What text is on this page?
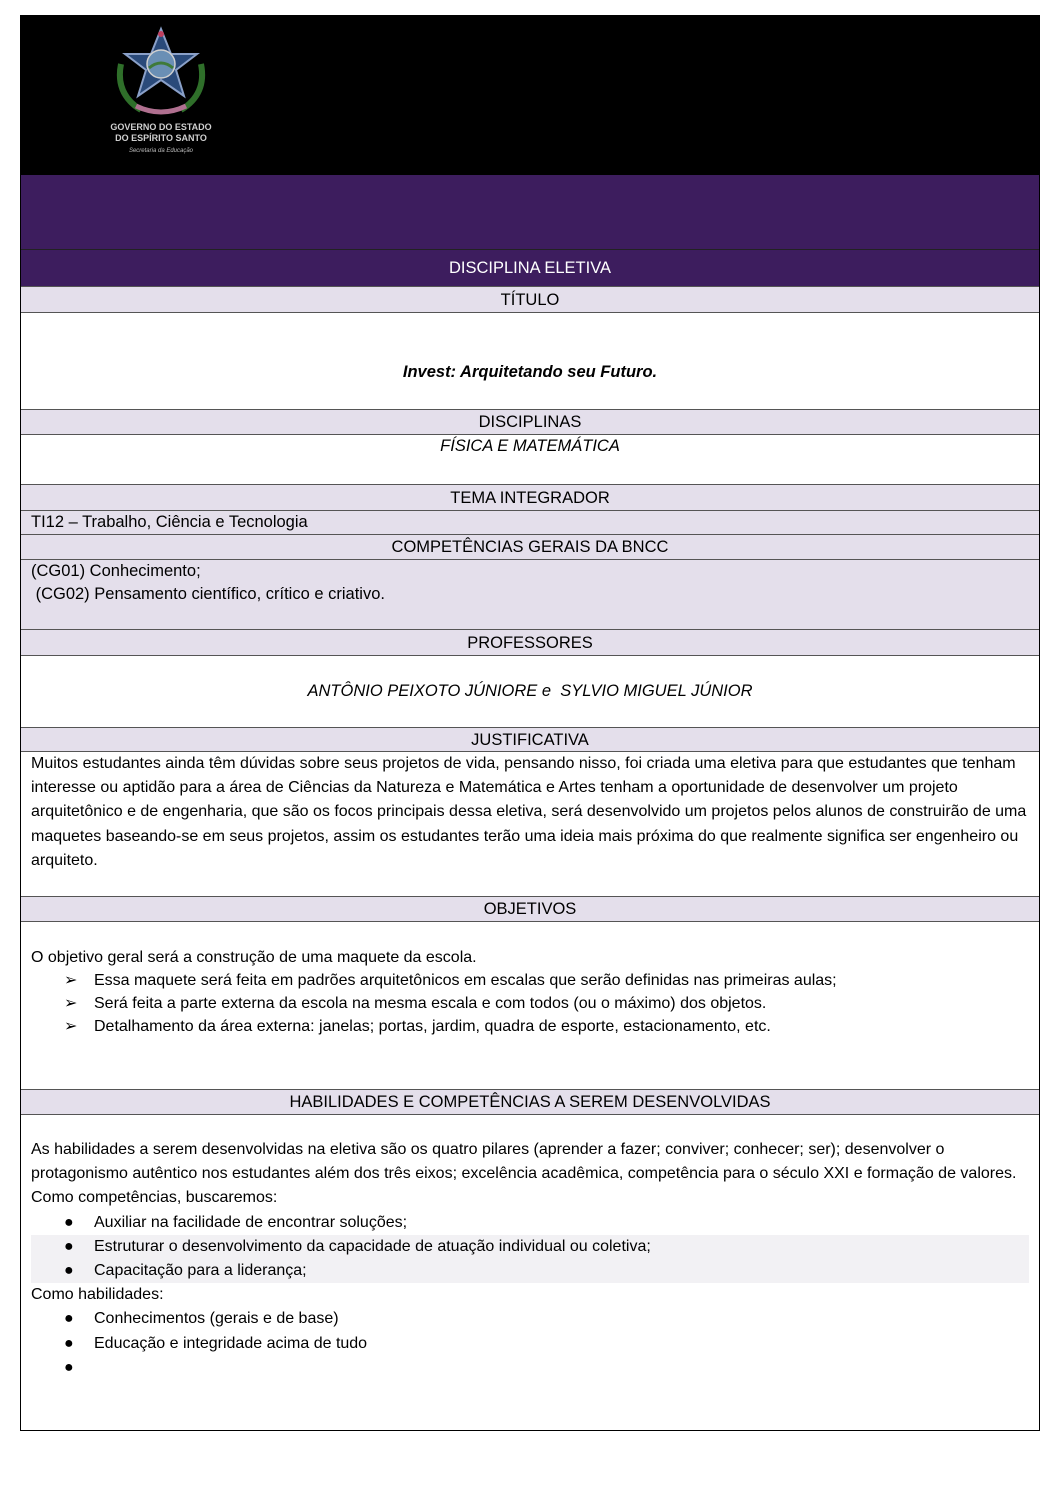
GOVERNO DO ESTADO
DO ESPÍRITO SANTO
Secretaria da Educação
DISCIPLINA ELETIVA
TÍTULO
Invest: Arquitetando seu Futuro.
DISCIPLINAS
FÍSICA E MATEMÁTICA
TEMA INTEGRADOR
TI12 – Trabalho, Ciência e Tecnologia
COMPETÊNCIAS GERAIS DA BNCC
(CG01) Conhecimento;
(CG02) Pensamento científico, crítico e criativo.
PROFESSORES
ANTÔNIO PEIXOTO JÚNIORE e  SYLVIO MIGUEL JÚNIOR
JUSTIFICATIVA
Muitos estudantes ainda têm dúvidas sobre seus projetos de vida, pensando nisso, foi criada uma eletiva para que estudantes que tenham interesse ou aptidão para a área de Ciências da Natureza e Matemática e Artes tenham a oportunidade de desenvolver um projeto arquitetônico e de engenharia, que são os focos principais dessa eletiva, será desenvolvido um projetos pelos alunos de construirão de uma maquetes baseando-se em seus projetos, assim os estudantes terão uma ideia mais próxima do que realmente significa ser engenheiro ou arquiteto.
OBJETIVOS
O objetivo geral será a construção de uma maquete da escola.
➢ Essa maquete será feita em padrões arquitetônicos em escalas que serão definidas nas primeiras aulas;
➢ Será feita a parte externa da escola na mesma escala e com todos (ou o máximo) dos objetos.
➢ Detalhamento da área externa: janelas; portas, jardim, quadra de esporte, estacionamento, etc.
HABILIDADES E COMPETÊNCIAS A SEREM DESENVOLVIDAS
As habilidades a serem desenvolvidas na eletiva são os quatro pilares (aprender a fazer; conviver; conhecer; ser); desenvolver o protagonismo autêntico nos estudantes além dos três eixos; excelência acadêmica, competência para o século XXI e formação de valores.
Como competências, buscaremos:
● Auxiliar na facilidade de encontrar soluções;
● Estruturar o desenvolvimento da capacidade de atuação individual ou coletiva;
● Capacitação para a liderança;
Como habilidades:
● Conhecimentos (gerais e de base)
● Educação e integridade acima de tudo
●
